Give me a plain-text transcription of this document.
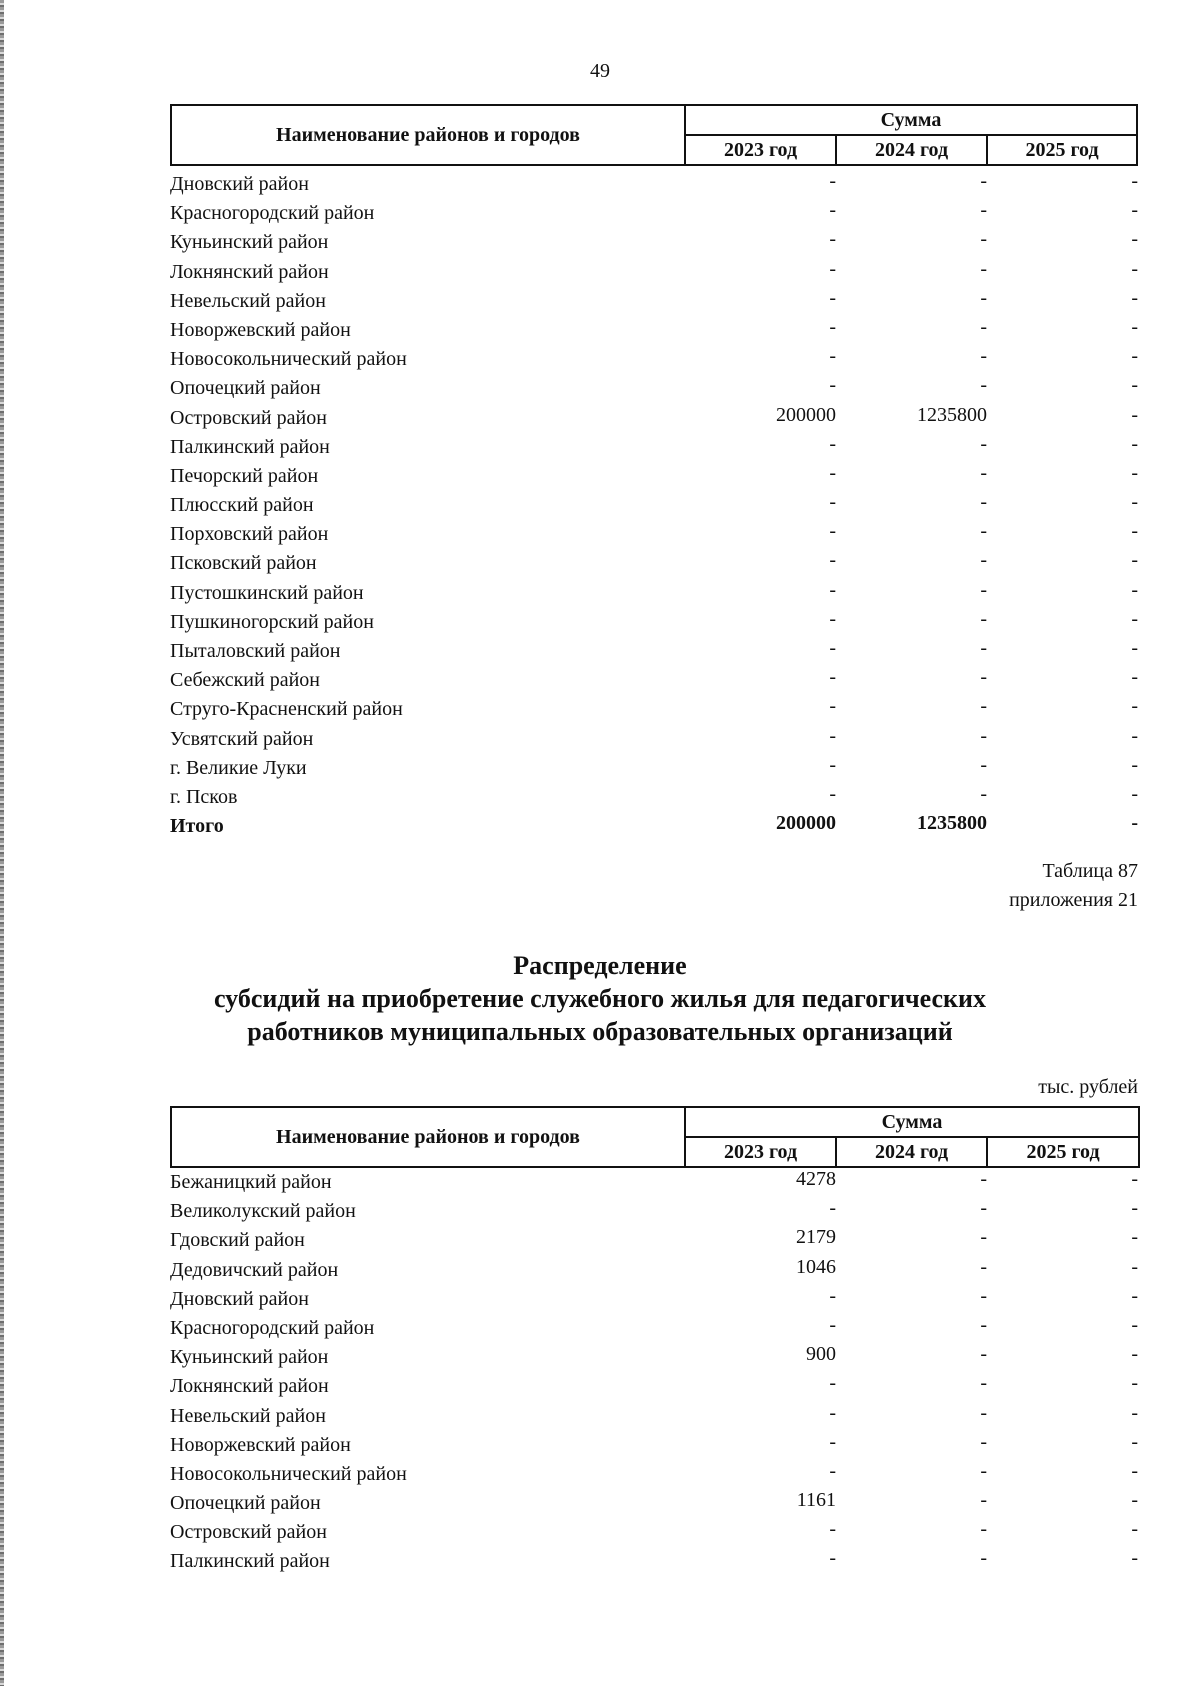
49
Наименование районов и городов
Сумма
2023 год	2024 год	2025 год
Дновский район	-	-	-
Красногородский район	-	-	-
Куньинский район	-	-	-
Локнянский район	-	-	-
Невельский район	-	-	-
Новоржевский район	-	-	-
Новосокольнический район	-	-	-
Опочецкий район	-	-	-
Островский район	200000	1235800	-
Палкинский район	-	-	-
Печорский район	-	-	-
Плюсский район	-	-	-
Порховский район	-	-	-
Псковский район	-	-	-
Пустошкинский район	-	-	-
Пушкиногорский район	-	-	-
Пыталовский район	-	-	-
Себежский район	-	-	-
Струго-Красненский район	-	-	-
Усвятский район	-	-	-
г. Великие Луки	-	-	-
г. Псков	-	-	-
Итого	200000	1235800	-
Таблица 87
приложения 21
Распределение
субсидий на приобретение служебного жилья для педагогических
работников муниципальных образовательных организаций
тыс. рублей
Наименование районов и городов
Сумма
2023 год	2024 год	2025 год
Бежаницкий район	4278	-	-
Великолукский район	-	-	-
Гдовский район	2179	-	-
Дедовичский район	1046	-	-
Дновский район	-	-	-
Красногородский район	-	-	-
Куньинский район	900	-	-
Локнянский район	-	-	-
Невельский район	-	-	-
Новоржевский район	-	-	-
Новосокольнический район	-	-	-
Опочецкий район	1161	-	-
Островский район	-	-	-
Палкинский район	-	-	-
